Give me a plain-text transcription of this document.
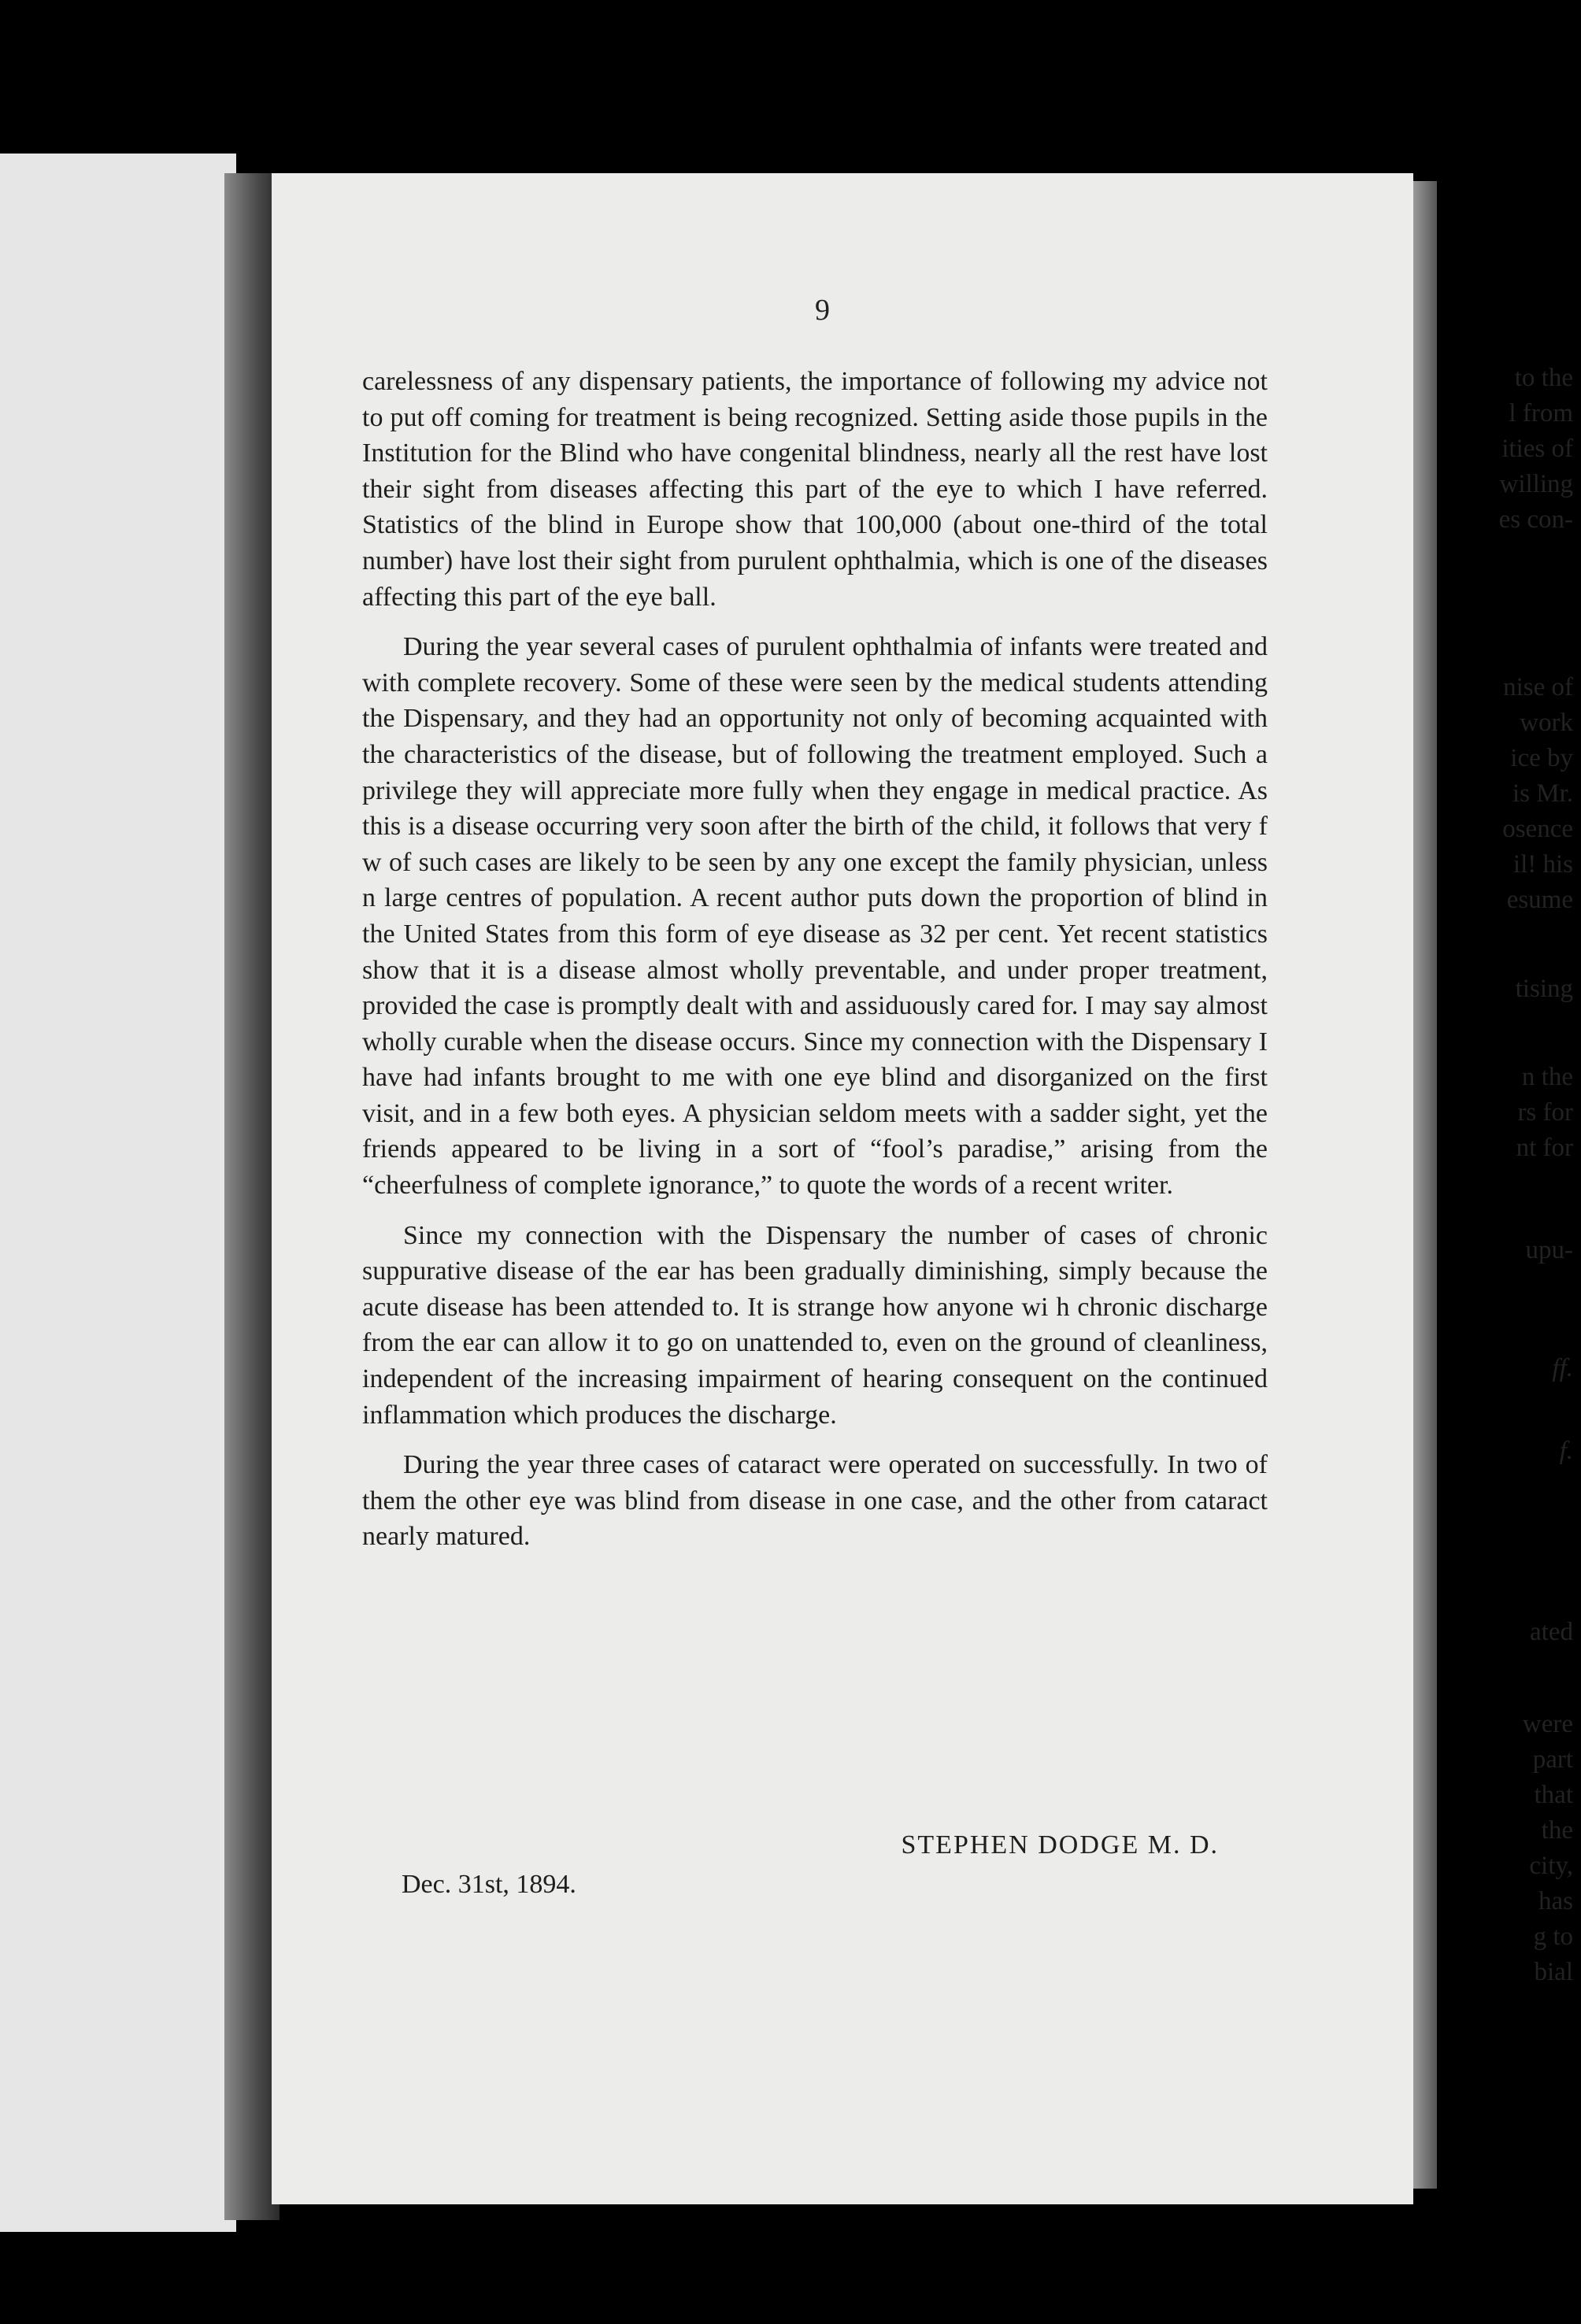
to the
l from
ities of
willing
es con-
nise of
work
ice by
is Mr.
osence
il! his
esume
tising
n the
rs for
nt for
upu-
ff.
f.
ated
were
part
that
the
city,
has
g to
bial
9

carelessness of any dispensary patients, the importance of following my advice not to put off coming for treatment is being recognized. Setting aside those pupils in the Institution for the Blind who have congenital blindness, nearly all the rest have lost their sight from diseases affecting this part of the eye to which I have referred. Statistics of the blind in Europe show that 100,000 (about one-third of the total number) have lost their sight from purulent ophthalmia, which is one of the diseases affecting this part of the eye ball.

During the year several cases of purulent ophthalmia of infants were treated and with complete recovery. Some of these were seen by the medical students attending the Dispensary, and they had an opportunity not only of becoming acquainted with the characteristics of the disease, but of following the treatment employed. Such a privilege they will appreciate more fully when they engage in medical practice. As this is a disease occurring very soon after the birth of the child, it follows that very f w of such cases are likely to be seen by any one except the family physician, unless n large centres of population. A recent author puts down the proportion of blind in the United States from this form of eye disease as 32 per cent. Yet recent statistics show that it is a disease almost wholly preventable, and under proper treatment, provided the case is promptly dealt with and assiduously cared for. I may say almost wholly curable when the disease occurs. Since my connection with the Dispensary I have had infants brought to me with one eye blind and disorganized on the first visit, and in a few both eyes. A physician seldom meets with a sadder sight, yet the friends appeared to be living in a sort of “fool’s paradise,” arising from the “cheerfulness of complete ignorance,” to quote the words of a recent writer.

Since my connection with the Dispensary the number of cases of chronic suppurative disease of the ear has been gradually diminishing, simply because the acute disease has been attended to. It is strange how anyone wi h chronic discharge from the ear can allow it to go on unattended to, even on the ground of cleanliness, independent of the increasing impairment of hearing consequent on the continued inflammation which produces the discharge.

During the year three cases of cataract were operated on successfully. In two of them the other eye was blind from disease in one case, and the other from cataract nearly matured.

STEPHEN DODGE M. D.
Dec. 31st, 1894.
